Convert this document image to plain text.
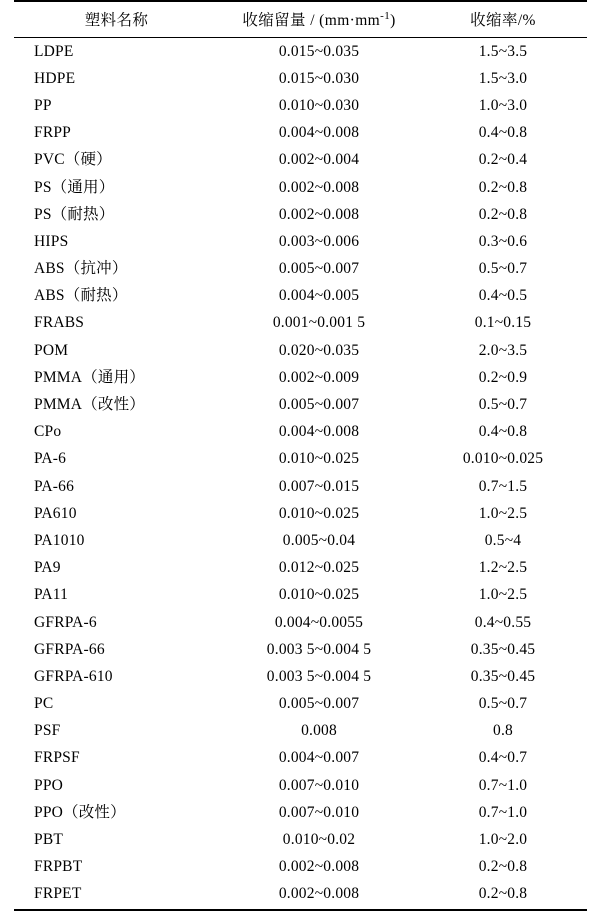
塑料名称	收缩留量 / $(mm\cdot mm^{-1})$	收缩率/%
LDPE	0.015~0.035	1.5~3.5
HDPE	0.015~0.030	1.5~3.0
PP	0.010~0.030	1.0~3.0
FRPP	0.004~0.008	0.4~0.8
PVC（硬）	0.002~0.004	0.2~0.4
PS（通用）	0.002~0.008	0.2~0.8
PS（耐热）	0.002~0.008	0.2~0.8
HIPS	0.003~0.006	0.3~0.6
ABS（抗冲）	0.005~0.007	0.5~0.7
ABS（耐热）	0.004~0.005	0.4~0.5
FRABS	0.001~0.001 5	0.1~0.15
POM	0.020~0.035	2.0~3.5
PMMA（通用）	0.002~0.009	0.2~0.9
PMMA（改性）	0.005~0.007	0.5~0.7
CPo	0.004~0.008	0.4~0.8
PA-6	0.010~0.025	0.010~0.025
PA-66	0.007~0.015	0.7~1.5
PA610	0.010~0.025	1.0~2.5
PA1010	0.005~0.04	0.5~4
PA9	0.012~0.025	1.2~2.5
PA11	0.010~0.025	1.0~2.5
GFRPA-6	0.004~0.0055	0.4~0.55
GFRPA-66	0.003 5~0.004 5	0.35~0.45
GFRPA-610	0.003 5~0.004 5	0.35~0.45
PC	0.005~0.007	0.5~0.7
PSF	0.008	0.8
FRPSF	0.004~0.007	0.4~0.7
PPO	0.007~0.010	0.7~1.0
PPO（改性）	0.007~0.010	0.7~1.0
PBT	0.010~0.02	1.0~2.0
FRPBT	0.002~0.008	0.2~0.8
FRPET	0.002~0.008	0.2~0.8
